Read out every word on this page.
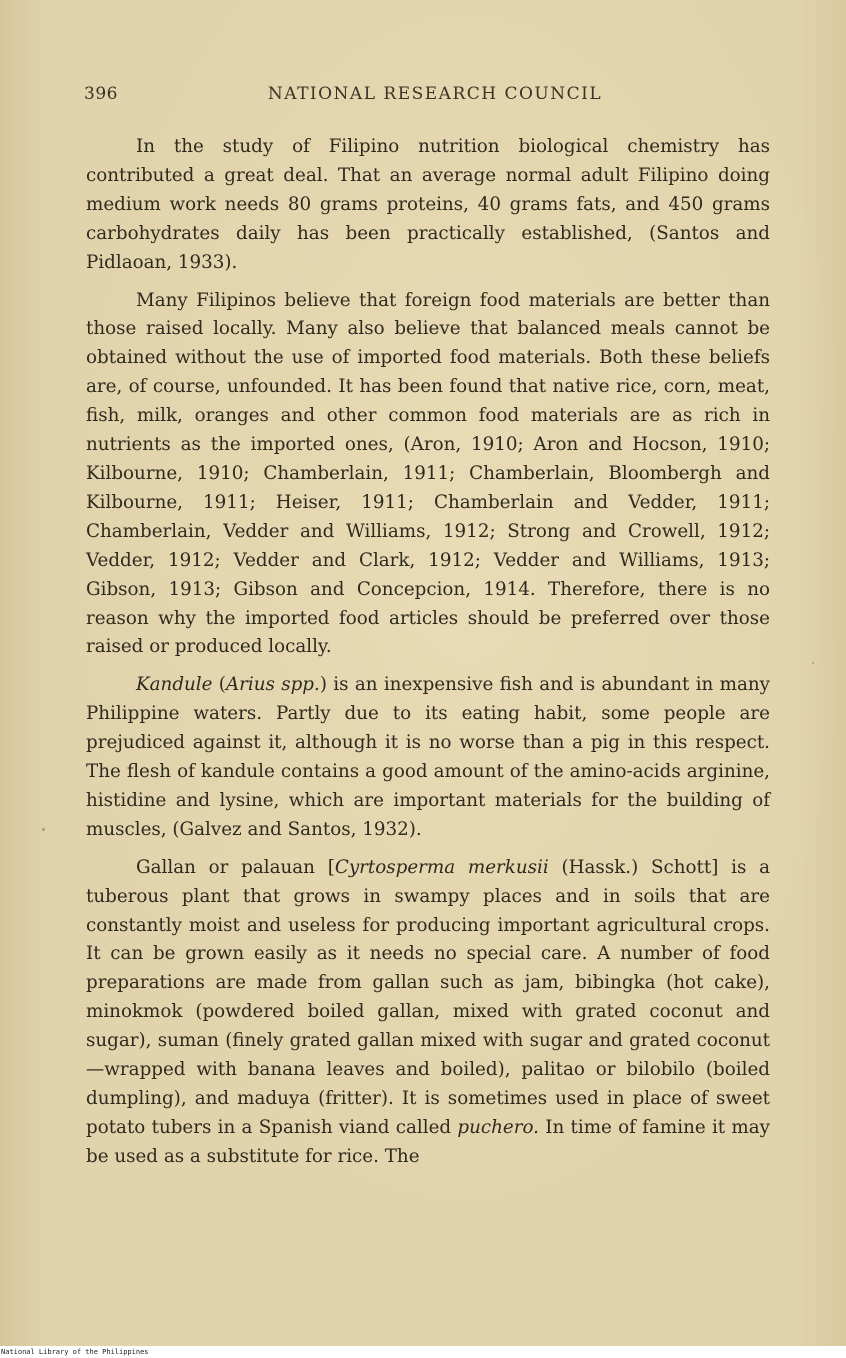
396	NATIONAL RESEARCH COUNCIL

In the study of Filipino nutrition biological chemistry has contributed a great deal. That an average normal adult Filipino doing medium work needs 80 grams proteins, 40 grams fats, and 450 grams carbohydrates daily has been practically established, (Santos and Pidlaoan, 1933).

Many Filipinos believe that foreign food materials are better than those raised locally. Many also believe that balanced meals cannot be obtained without the use of imported food materials. Both these beliefs are, of course, unfounded. It has been found that native rice, corn, meat, fish, milk, oranges and other common food materials are as rich in nutrients as the imported ones, (Aron, 1910; Aron and Hocson, 1910; Kilbourne, 1910; Chamberlain, 1911; Chamberlain, Bloombergh and Kilbourne, 1911; Heiser, 1911; Chamberlain and Vedder, 1911; Chamberlain, Vedder and Williams, 1912; Strong and Crowell, 1912; Vedder, 1912; Vedder and Clark, 1912; Vedder and Williams, 1913; Gibson, 1913; Gibson and Concepcion, 1914. Therefore, there is no reason why the imported food articles should be preferred over those raised or produced locally.

Kandule (Arius spp.) is an inexpensive fish and is abundant in many Philippine waters. Partly due to its eating habit, some people are prejudiced against it, although it is no worse than a pig in this respect. The flesh of kandule contains a good amount of the amino-acids arginine, histidine and lysine, which are important materials for the building of muscles, (Galvez and Santos, 1932).

Gallan or palauan [Cyrtosperma merkusii (Hassk.) Schott] is a tuberous plant that grows in swampy places and in soils that are constantly moist and useless for producing important agricultural crops. It can be grown easily as it needs no special care. A number of food preparations are made from gallan such as jam, bibingka (hot cake), minokmok (powdered boiled gallan, mixed with grated coconut and sugar), suman (finely grated gallan mixed with sugar and grated coconut—wrapped with banana leaves and boiled), palitao or bilobilo (boiled dumpling), and maduya (fritter). It is sometimes used in place of sweet potato tubers in a Spanish viand called puchero. In time of famine it may be used as a substitute for rice. The

National Library of the Philippines
